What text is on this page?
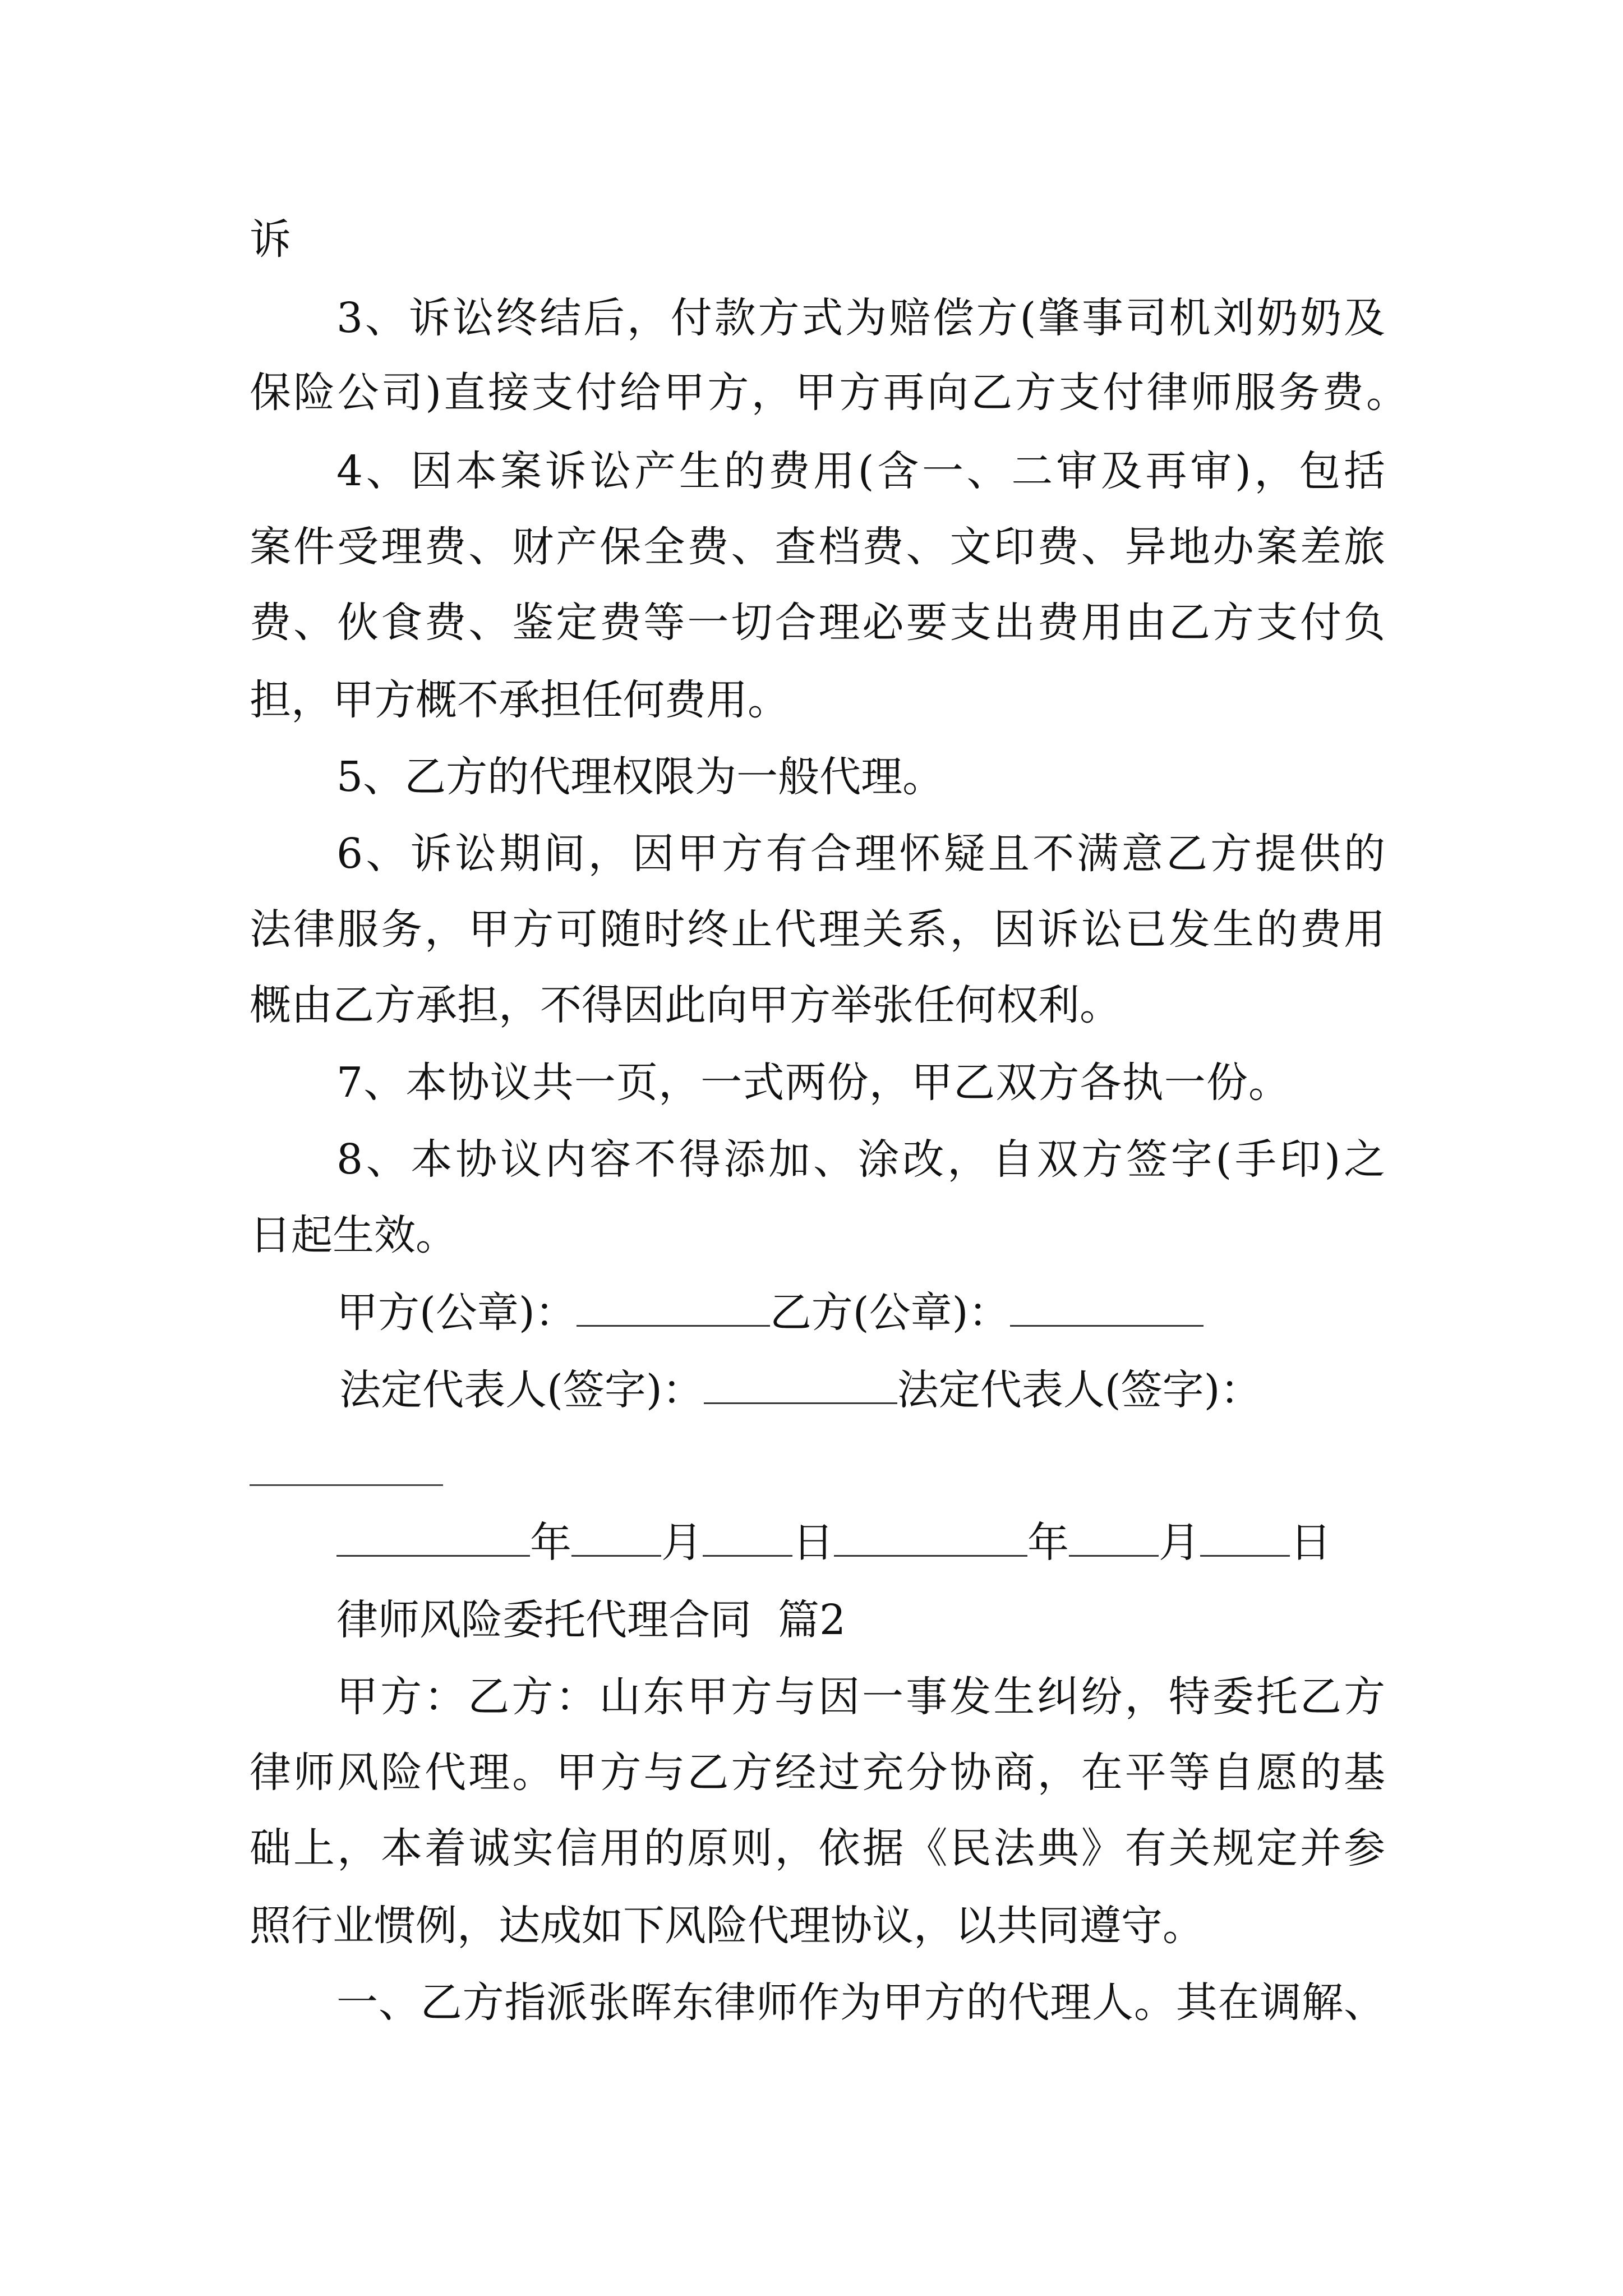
诉
3、诉讼终结后，付款方式为赔偿方(肇事司机刘奶奶及
保险公司)直接支付给甲方，甲方再向乙方支付律师服务费。
4、因本案诉讼产生的费用(含一、二审及再审)，包括
案件受理费、财产保全费、查档费、文印费、异地办案差旅
费、伙食费、鉴定费等一切合理必要支出费用由乙方支付负
担，甲方概不承担任何费用。
5、乙方的代理权限为一般代理。
6、诉讼期间，因甲方有合理怀疑且不满意乙方提供的
法律服务，甲方可随时终止代理关系，因诉讼已发生的费用
概由乙方承担，不得因此向甲方举张任何权利。
7、本协议共一页，一式两份，甲乙双方各执一份。
8、本协议内容不得添加、涂改，自双方签字(手印)之
日起生效。
甲方(公章)：	乙方(公章)：
法定代表人(签字)：	法定代表人(签字)：
年 月 日	年 月 日
律师风险委托代理合同  篇2
甲方：乙方：山东甲方与因一事发生纠纷，特委托乙方
律师风险代理。甲方与乙方经过充分协商，在平等自愿的基
础上，本着诚实信用的原则，依据《民法典》有关规定并参
照行业惯例，达成如下风险代理协议，以共同遵守。
一、乙方指派张晖东律师作为甲方的代理人。其在调解、
